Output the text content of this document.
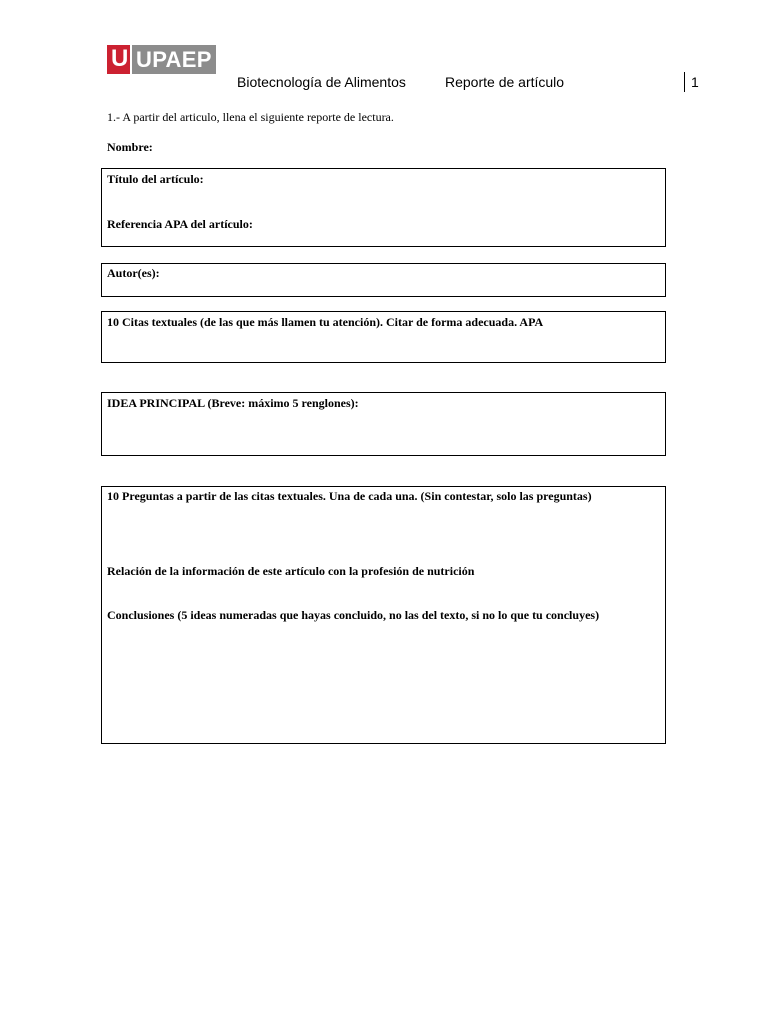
U UPAEP
Biotecnología de Alimentos	Reporte de artículo	1
1.- A partir del articulo, llena el siguiente reporte de lectura.
Nombre:
Título del artículo:
Referencia APA del artículo:
Autor(es):
10 Citas textuales (de las que más llamen tu atención). Citar de forma adecuada. APA
IDEA PRINCIPAL (Breve: máximo 5 renglones):
10 Preguntas a partir de las citas textuales. Una de cada una. (Sin contestar, solo las preguntas)
Relación de la información de este artículo con la profesión de nutrición
Conclusiones (5 ideas numeradas que hayas concluido, no las del texto, si no lo que tu concluyes)
